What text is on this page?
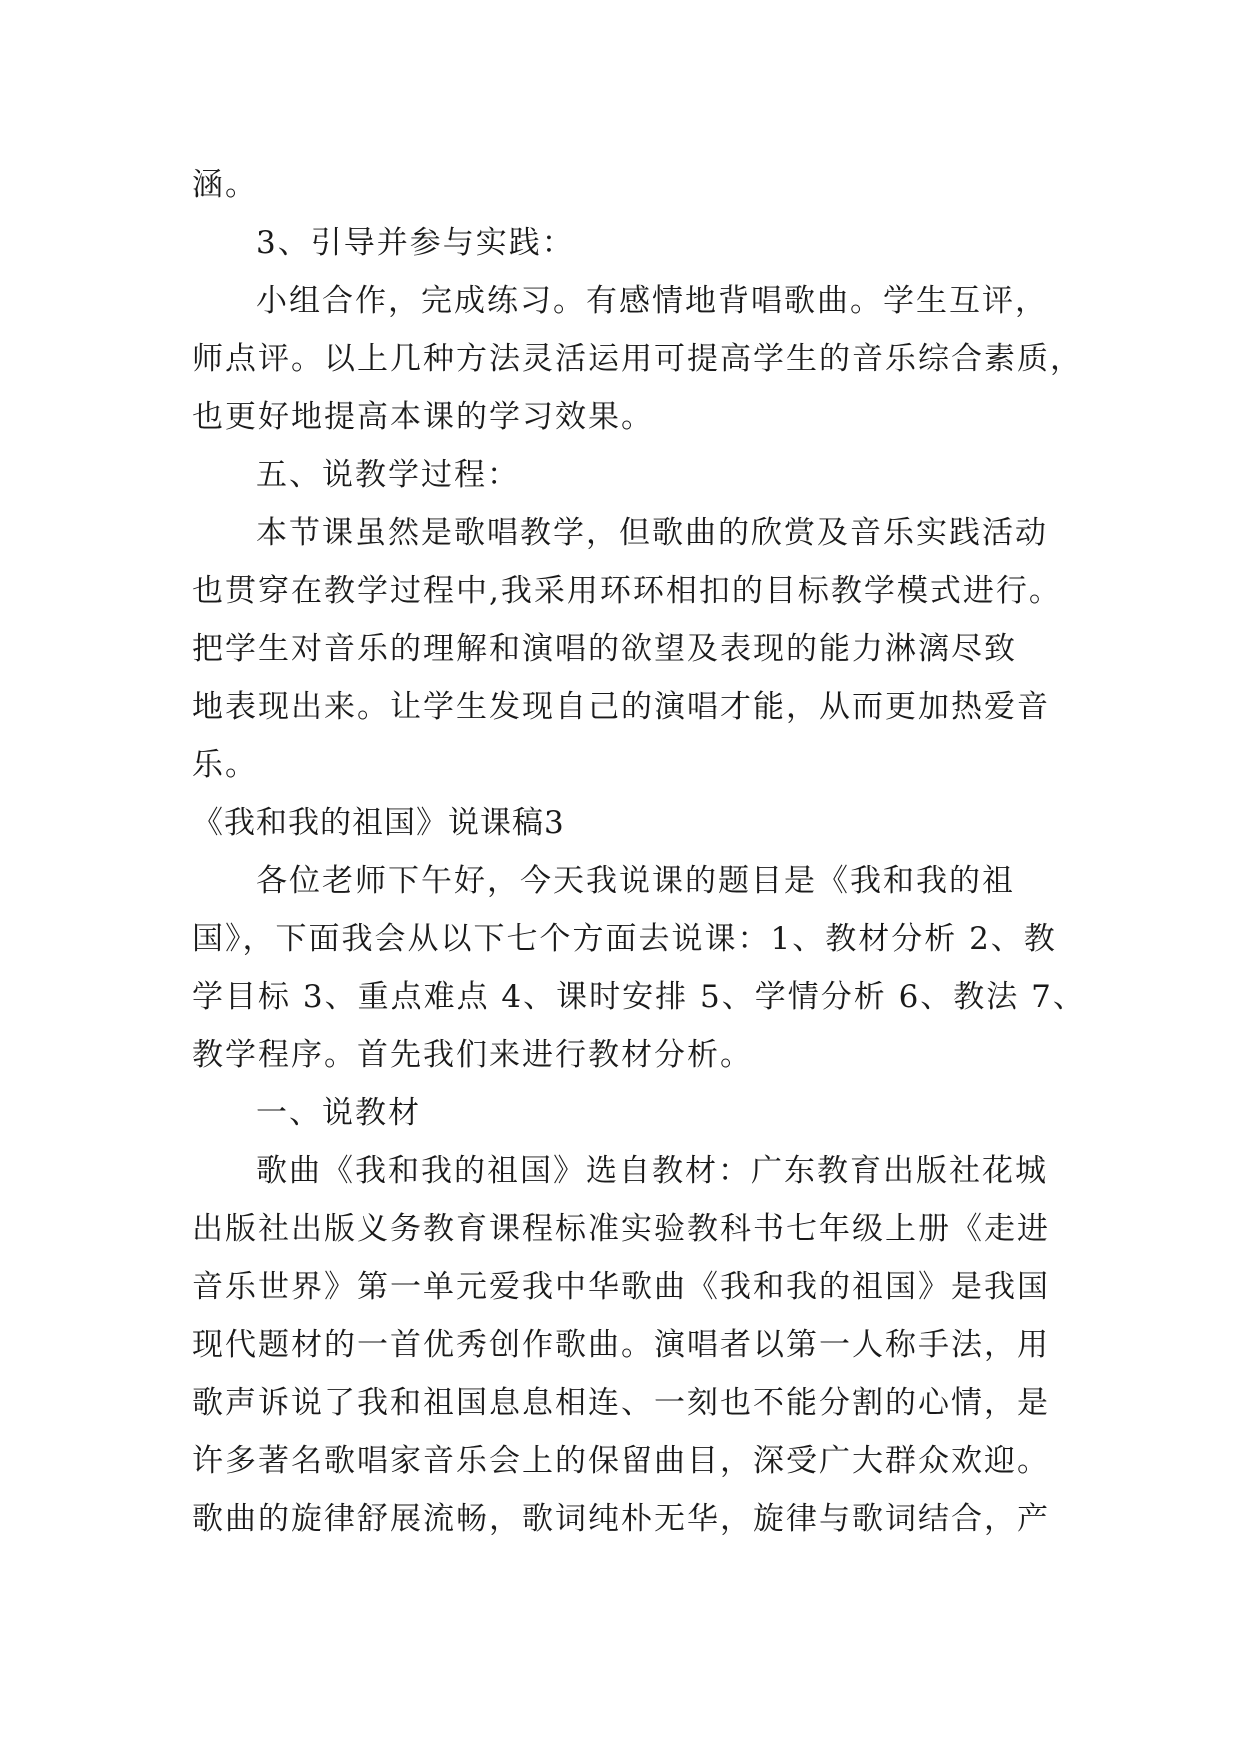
涵。
3、引导并参与实践：
小组合作，完成练习。有感情地背唱歌曲。学生互评，
师点评。以上几种方法灵活运用可提高学生的音乐综合素质，
也更好地提高本课的学习效果。
五、说教学过程：
本节课虽然是歌唱教学，但歌曲的欣赏及音乐实践活动
也贯穿在教学过程中,我采用环环相扣的目标教学模式进行。
把学生对音乐的理解和演唱的欲望及表现的能力淋漓尽致
地表现出来。让学生发现自己的演唱才能，从而更加热爱音
乐。
《我和我的祖国》说课稿3
各位老师下午好，今天我说课的题目是《我和我的祖
国》，下面我会从以下七个方面去说课：1、教材分析 2、教
学目标 3、重点难点 4、课时安排 5、学情分析 6、教法 7、
教学程序。首先我们来进行教材分析。
一、说教材
歌曲《我和我的祖国》选自教材：广东教育出版社花城
出版社出版义务教育课程标准实验教科书七年级上册《走进
音乐世界》第一单元爱我中华歌曲《我和我的祖国》是我国
现代题材的一首优秀创作歌曲。演唱者以第一人称手法，用
歌声诉说了我和祖国息息相连、一刻也不能分割的心情，是
许多著名歌唱家音乐会上的保留曲目，深受广大群众欢迎。
歌曲的旋律舒展流畅，歌词纯朴无华，旋律与歌词结合，产
